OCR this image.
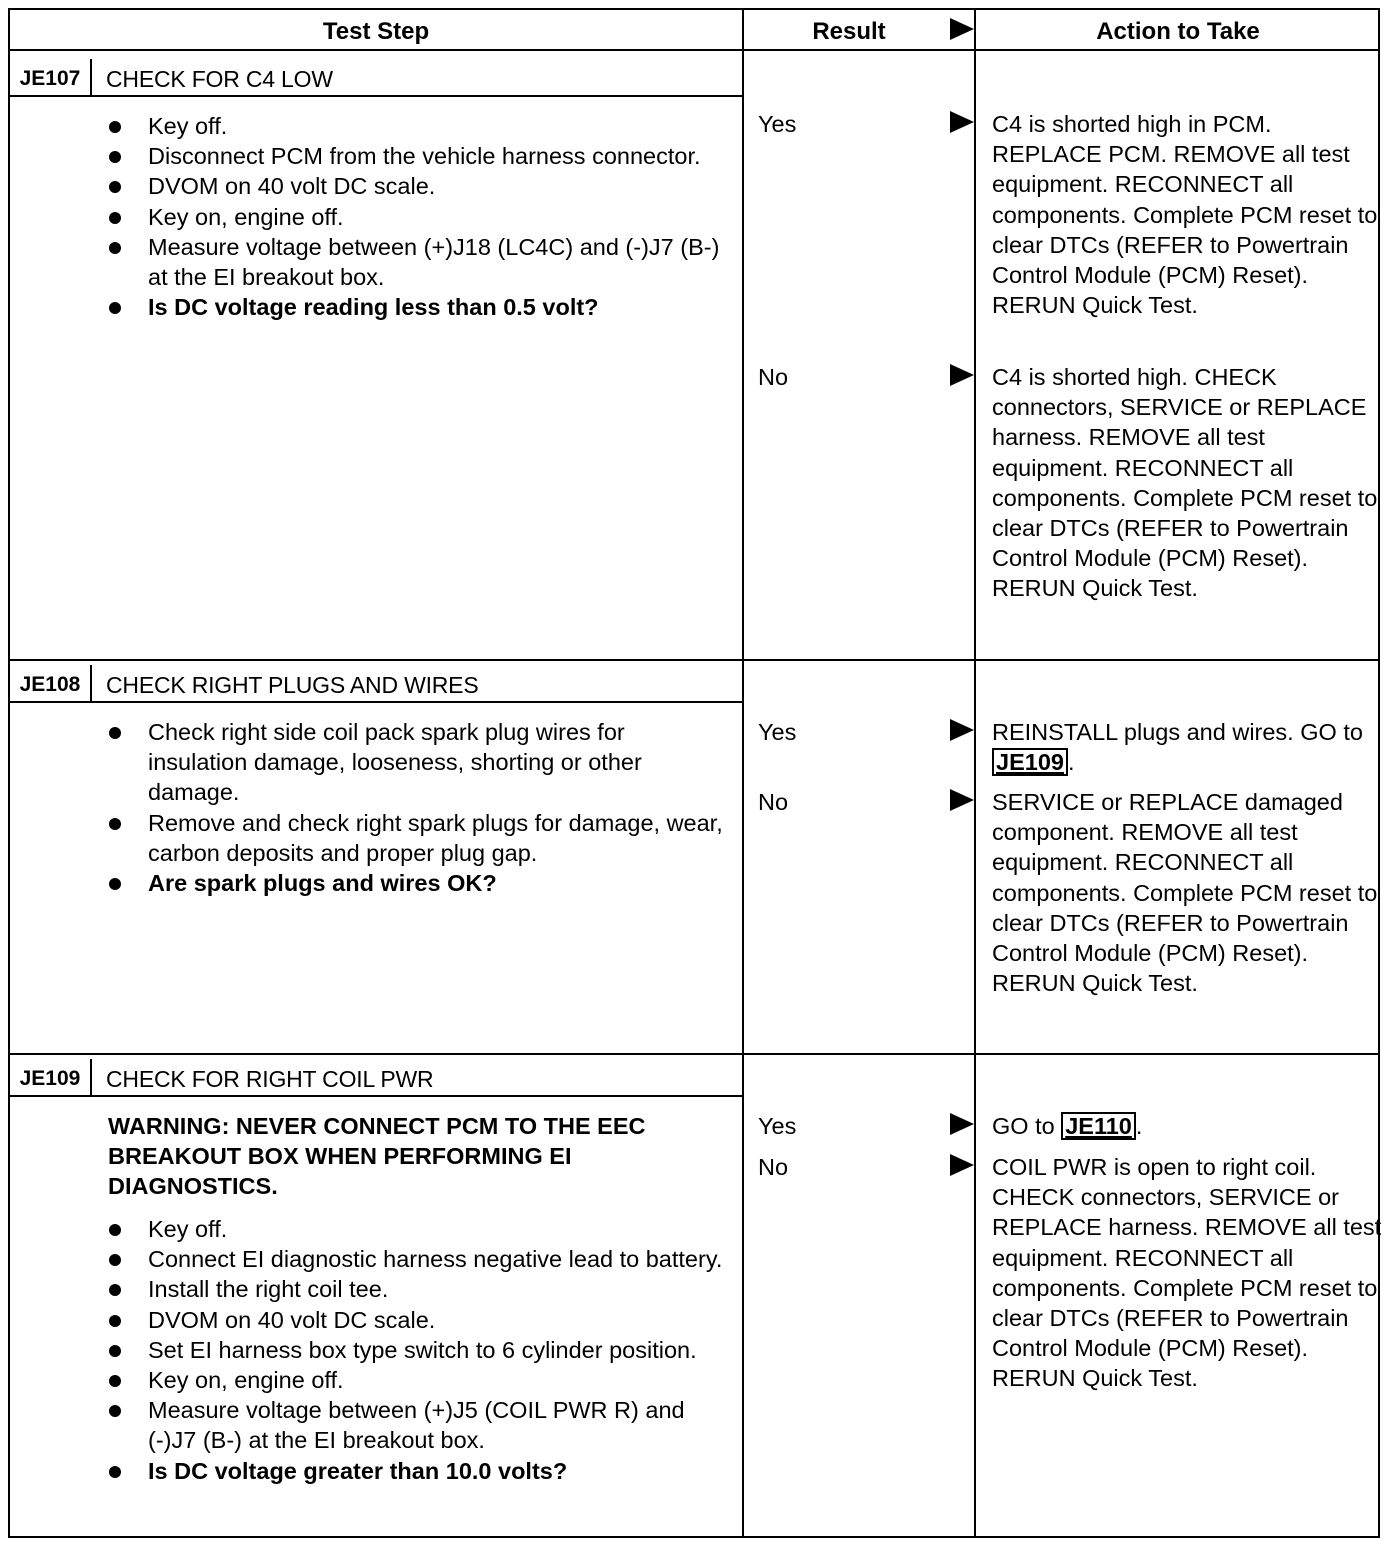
Test Step	Result	Action to Take
JE107	CHECK FOR C4 LOW
Key off.
Disconnect PCM from the vehicle harness connector.
DVOM on 40 volt DC scale.
Key on, engine off.
Measure voltage between (+)J18 (LC4C) and (-)J7 (B-) at the EI breakout box.
Is DC voltage reading less than 0.5 volt?
Yes	C4 is shorted high in PCM. REPLACE PCM. REMOVE all test equipment. RECONNECT all components. Complete PCM reset to clear DTCs (REFER to Powertrain Control Module (PCM) Reset). RERUN Quick Test.
No	C4 is shorted high. CHECK connectors, SERVICE or REPLACE harness. REMOVE all test equipment. RECONNECT all components. Complete PCM reset to clear DTCs (REFER to Powertrain Control Module (PCM) Reset). RERUN Quick Test.
JE108	CHECK RIGHT PLUGS AND WIRES
Check right side coil pack spark plug wires for insulation damage, looseness, shorting or other damage.
Remove and check right spark plugs for damage, wear, carbon deposits and proper plug gap.
Are spark plugs and wires OK?
Yes	REINSTALL plugs and wires. GO to JE109 .
No	SERVICE or REPLACE damaged component. REMOVE all test equipment. RECONNECT all components. Complete PCM reset to clear DTCs (REFER to Powertrain Control Module (PCM) Reset). RERUN Quick Test.
JE109	CHECK FOR RIGHT COIL PWR
WARNING: NEVER CONNECT PCM TO THE EEC BREAKOUT BOX WHEN PERFORMING EI DIAGNOSTICS.
Key off.
Connect EI diagnostic harness negative lead to battery.
Install the right coil tee.
DVOM on 40 volt DC scale.
Set EI harness box type switch to 6 cylinder position.
Key on, engine off.
Measure voltage between (+)J5 (COIL PWR R) and (-)J7 (B-) at the EI breakout box.
Is DC voltage greater than 10.0 volts?
Yes	GO to JE110 .
No	COIL PWR is open to right coil. CHECK connectors, SERVICE or REPLACE harness. REMOVE all test equipment. RECONNECT all components. Complete PCM reset to clear DTCs (REFER to Powertrain Control Module (PCM) Reset). RERUN Quick Test.
